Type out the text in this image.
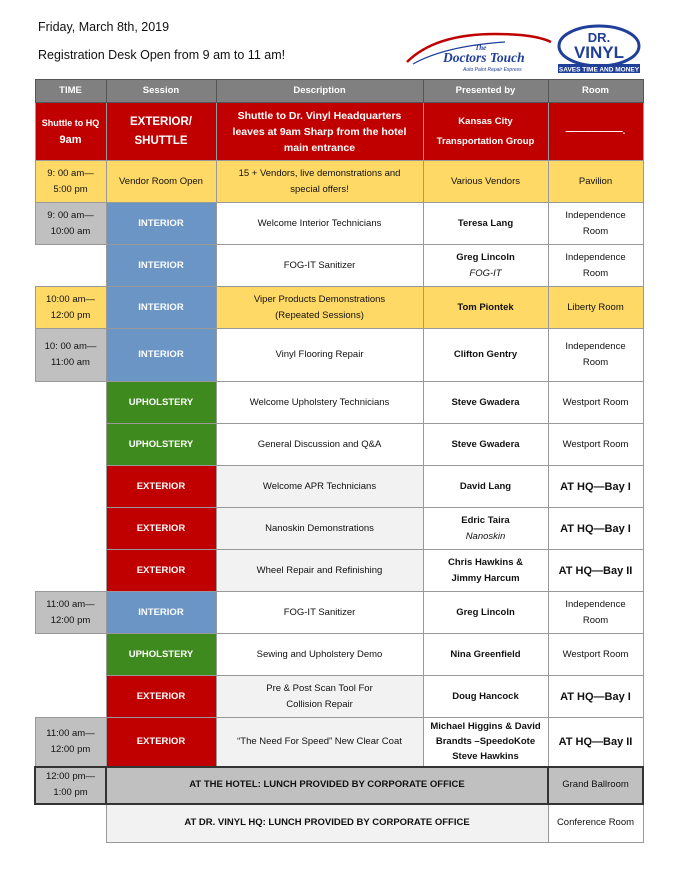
Friday, March 8th, 2019
Registration Desk Open from 9 am to 11 am!	The
Doctors Touch
Auto Paint Repair Express
DR.
VINYL
SAVES TIME AND MONEY
TIME	Session	Description	Presented by	Room
Shuttle to HQ
9am	EXTERIOR/
SHUTTLE	Shuttle to Dr. Vinyl Headquarters
leaves at 9am Sharp from the hotel
main entrance	Kansas City
Transportation Group	——————.
9: 00 am—
5:00 pm	Vendor Room Open	15 + Vendors, live demonstrations and
special offers!	Various Vendors	Pavilion
9: 00 am—
10:00 am	INTERIOR	Welcome Interior Technicians	Teresa Lang	Independence
Room
	INTERIOR	FOG-IT Sanitizer	Greg Lincoln
FOG-IT	Independence
Room
10:00 am—
12:00 pm	INTERIOR	Viper Products Demonstrations
(Repeated Sessions)	Tom Piontek	Liberty Room
10: 00 am—
11:00 am	INTERIOR	Vinyl Flooring Repair	Clifton Gentry	Independence
Room
	UPHOLSTERY	Welcome Upholstery Technicians	Steve Gwadera	Westport Room
	UPHOLSTERY	General Discussion and Q&A	Steve Gwadera	Westport Room
	EXTERIOR	Welcome APR Technicians	David Lang	AT HQ—Bay I
	EXTERIOR	Nanoskin Demonstrations	Edric Taira
Nanoskin	AT HQ—Bay I
	EXTERIOR	Wheel Repair and Refinishing	Chris Hawkins &
Jimmy Harcum	AT HQ—Bay II
11:00 am—
12:00 pm	INTERIOR	FOG-IT Sanitizer	Greg Lincoln	Independence
Room
	UPHOLSTERY	Sewing and Upholstery Demo	Nina Greenfield	Westport Room
	EXTERIOR	Pre & Post Scan Tool For
Collision Repair	Doug Hancock	AT HQ—Bay I
11:00 am—
12:00 pm	EXTERIOR	“The Need For Speed” New Clear Coat	Michael Higgins & David
Brandts –SpeedoKote
Steve Hawkins	AT HQ—Bay II
12:00 pm—
1:00 pm	AT THE HOTEL: LUNCH PROVIDED BY CORPORATE OFFICE			Grand Ballroom
	AT DR. VINYL HQ: LUNCH PROVIDED BY CORPORATE OFFICE			Conference Room
